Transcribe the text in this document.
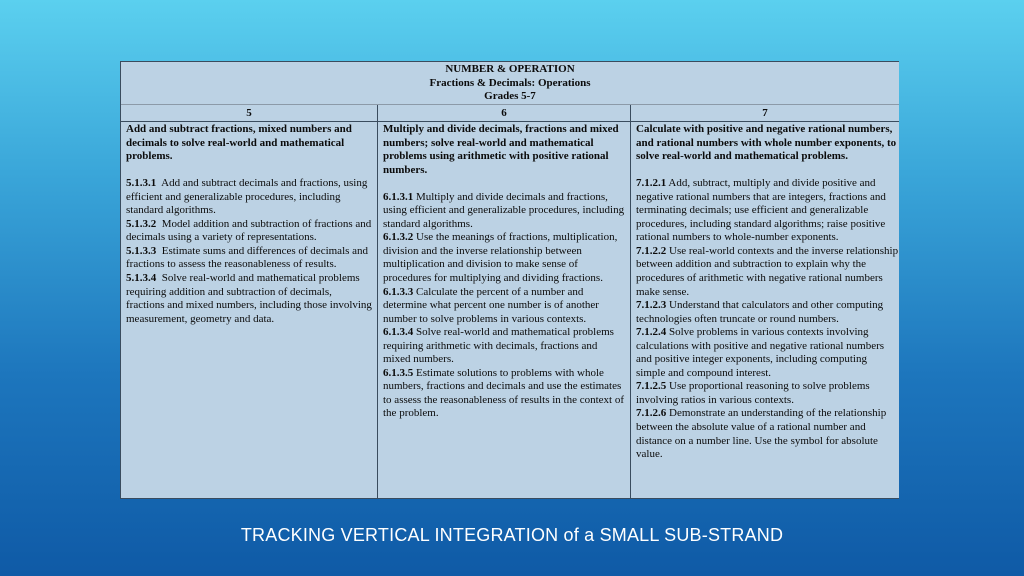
NUMBER & OPERATION
Fractions & Decimals: Operations
Grades 5-7
5	6	7
Add and subtract fractions, mixed numbers and decimals to solve real-world and mathematical problems.
5.1.3.1 Add and subtract decimals and fractions, using efficient and generalizable procedures, including standard algorithms.
5.1.3.2 Model addition and subtraction of fractions and decimals using a variety of representations.
5.1.3.3 Estimate sums and differences of decimals and fractions to assess the reasonableness of results.
5.1.3.4 Solve real-world and mathematical problems requiring addition and subtraction of decimals, fractions and mixed numbers, including those involving measurement, geometry and data.
Multiply and divide decimals, fractions and mixed numbers; solve real-world and mathematical problems using arithmetic with positive rational numbers.
6.1.3.1 Multiply and divide decimals and fractions, using efficient and generalizable procedures, including standard algorithms.
6.1.3.2 Use the meanings of fractions, multiplication, division and the inverse relationship between multiplication and division to make sense of procedures for multiplying and dividing fractions.
6.1.3.3 Calculate the percent of a number and determine what percent one number is of another number to solve problems in various contexts.
6.1.3.4 Solve real-world and mathematical problems requiring arithmetic with decimals, fractions and mixed numbers.
6.1.3.5 Estimate solutions to problems with whole numbers, fractions and decimals and use the estimates to assess the reasonableness of results in the context of the problem.
Calculate with positive and negative rational numbers, and rational numbers with whole number exponents, to solve real-world and mathematical problems.
7.1.2.1 Add, subtract, multiply and divide positive and negative rational numbers that are integers, fractions and terminating decimals; use efficient and generalizable procedures, including standard algorithms; raise positive rational numbers to whole-number exponents.
7.1.2.2 Use real-world contexts and the inverse relationship between addition and subtraction to explain why the procedures of arithmetic with negative rational numbers make sense.
7.1.2.3 Understand that calculators and other computing technologies often truncate or round numbers.
7.1.2.4 Solve problems in various contexts involving calculations with positive and negative rational numbers and positive integer exponents, including computing simple and compound interest.
7.1.2.5 Use proportional reasoning to solve problems involving ratios in various contexts.
7.1.2.6 Demonstrate an understanding of the relationship between the absolute value of a rational number and distance on a number line. Use the symbol for absolute value.
TRACKING VERTICAL INTEGRATION of a SMALL SUB-STRAND
